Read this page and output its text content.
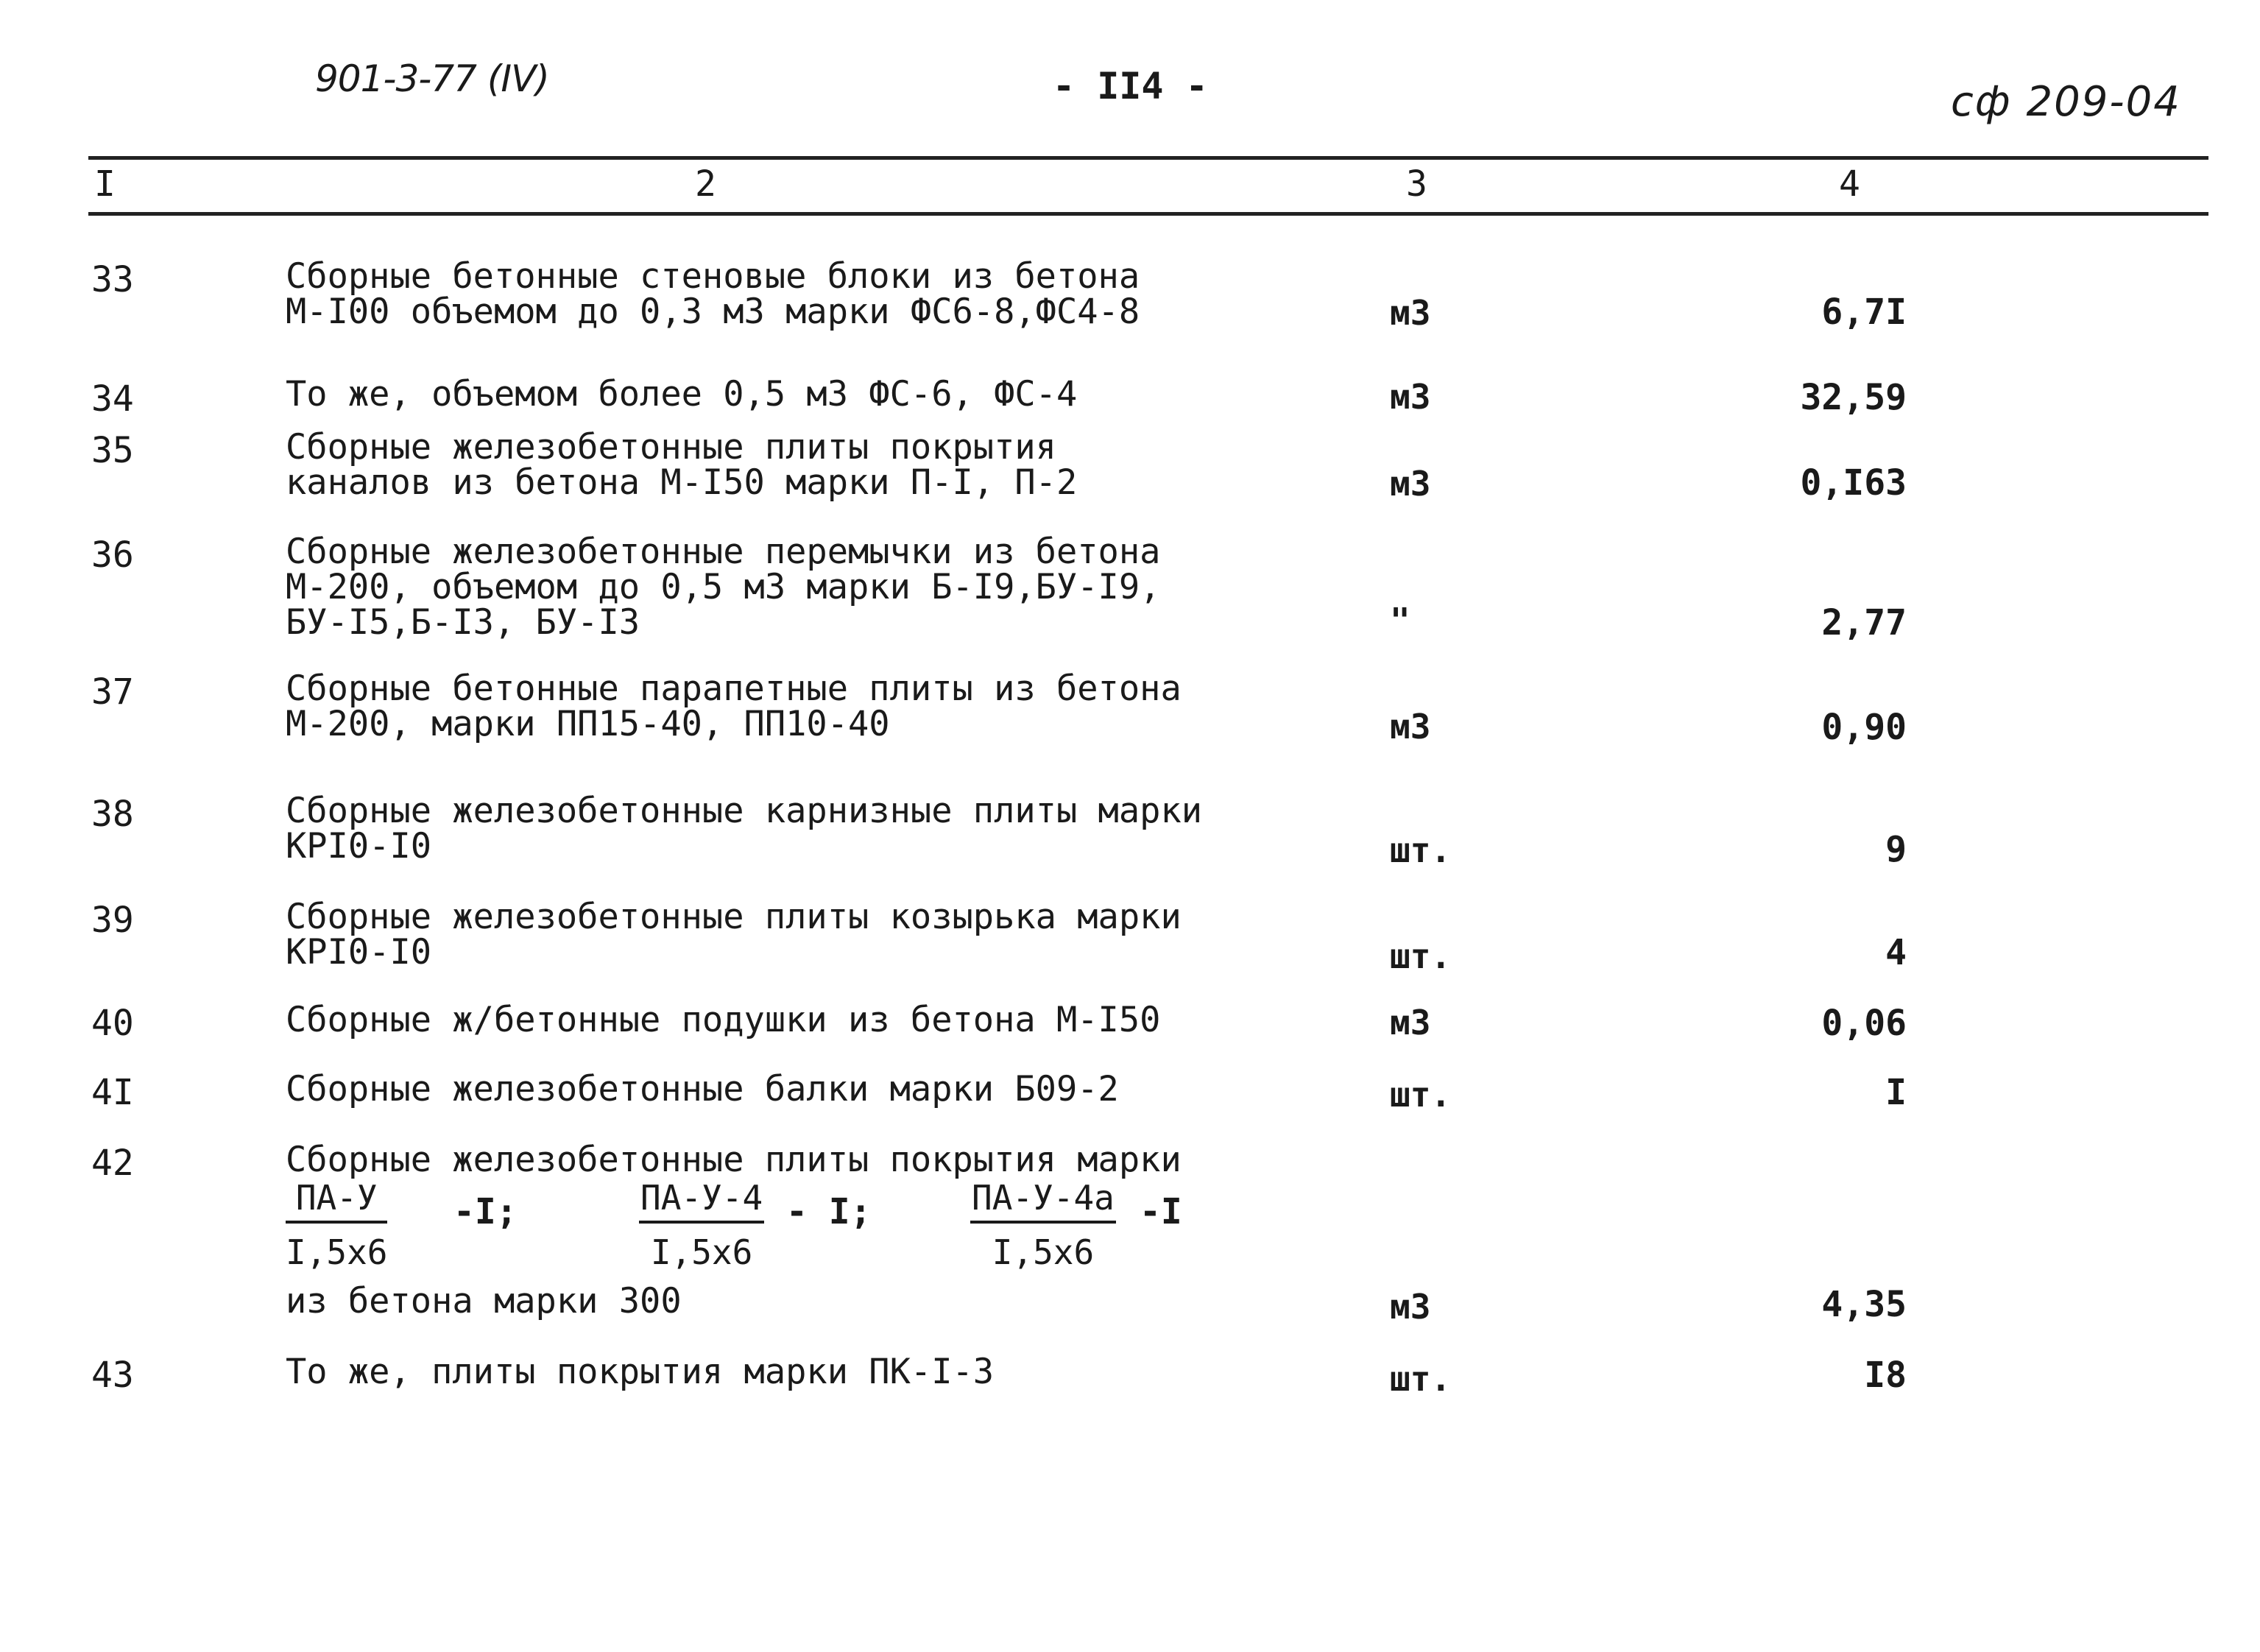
901-3-77 (IV)	- II4 -	сф 209-04
I	2	3	4
33	Сборные бетонные стеновые блоки из бетона
М-I00 объемом до 0,3 м3 марки ФС6-8,ФС4-8	м3	6,7I
34	То же, объемом более 0,5 м3 ФС-6, ФС-4	м3	32,59
35	Сборные железобетонные плиты покрытия
каналов из бетона М-I50 марки П-I, П-2	м3	0,I63
36	Сборные железобетонные перемычки из бетона
М-200, объемом до 0,5 м3 марки Б-I9,БУ-I9,
БУ-I5,Б-I3, БУ-I3	"	2,77
37	Сборные бетонные парапетные плиты из бетона
М-200, марки ПП15-40, ПП10-40	м3	0,90
38	Сборные железобетонные карнизные плиты марки
КРI0-I0	шт.	9
39	Сборные железобетонные плиты козырька марки
КРI0-I0	шт.	4
40	Сборные ж/бетонные подушки из бетона М-I50	м3	0,06
4I	Сборные железобетонные балки марки Б09-2	шт.	I
42	Сборные железобетонные плиты покрытия марки
ПА-У
I,5x6
-I;	ПА-У-4
I,5x6
- I;	ПА-У-4а
I,5x6
-I
из бетона марки 300	м3	4,35
43	То же, плиты покрытия марки ПК-I-3	шт.	I8
